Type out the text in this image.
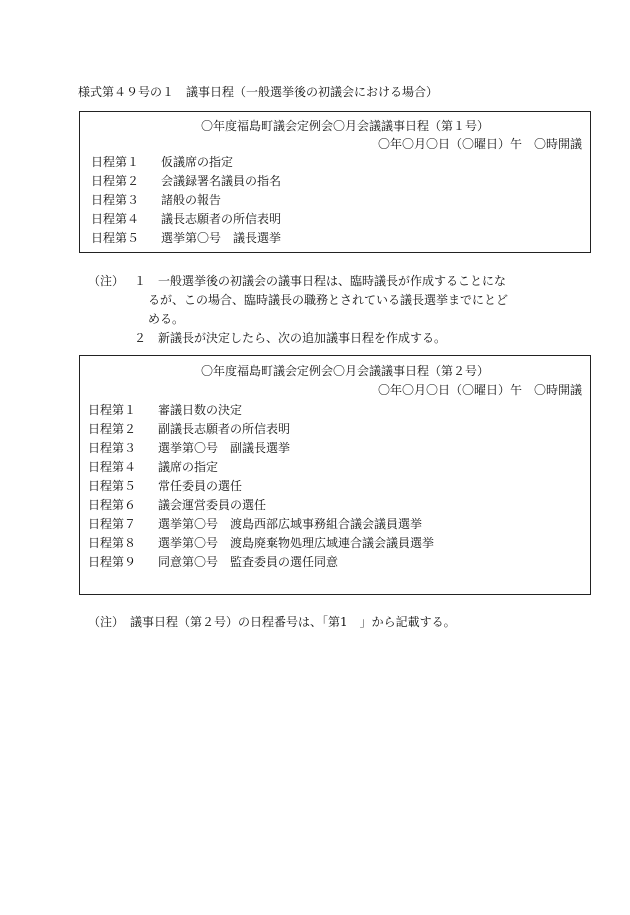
様式第４９号の１　議事日程（一般選挙後の初議会における場合）
〇年度福島町議会定例会〇月会議議事日程（第１号）
〇年〇月〇日（〇曜日）午　〇時開議
日程第１ 仮議席の指定
日程第２ 会議録署名議員の指名
日程第３ 諸般の報告
日程第４ 議長志願者の所信表明
日程第５ 選挙第〇号　議長選挙
（注） １ 一般選挙後の初議会の議事日程は、臨時議長が作成することにな
るが、この場合、臨時議長の職務とされている議長選挙までにとど
める。
２ 新議長が決定したら、次の追加議事日程を作成する。
〇年度福島町議会定例会〇月会議議事日程（第２号）
〇年〇月〇日（〇曜日）午　〇時開議
日程第１ 審議日数の決定
日程第２ 副議長志願者の所信表明
日程第３ 選挙第〇号　副議長選挙
日程第４ 議席の指定
日程第５ 常任委員の選任
日程第６ 議会運営委員の選任
日程第７ 選挙第〇号　渡島西部広域事務組合議会議員選挙
日程第８ 選挙第〇号　渡島廃棄物処理広域連合議会議員選挙
日程第９ 同意第〇号　監査委員の選任同意
（注） 議事日程（第２号）の日程番号は、「第1　」から記載する。
